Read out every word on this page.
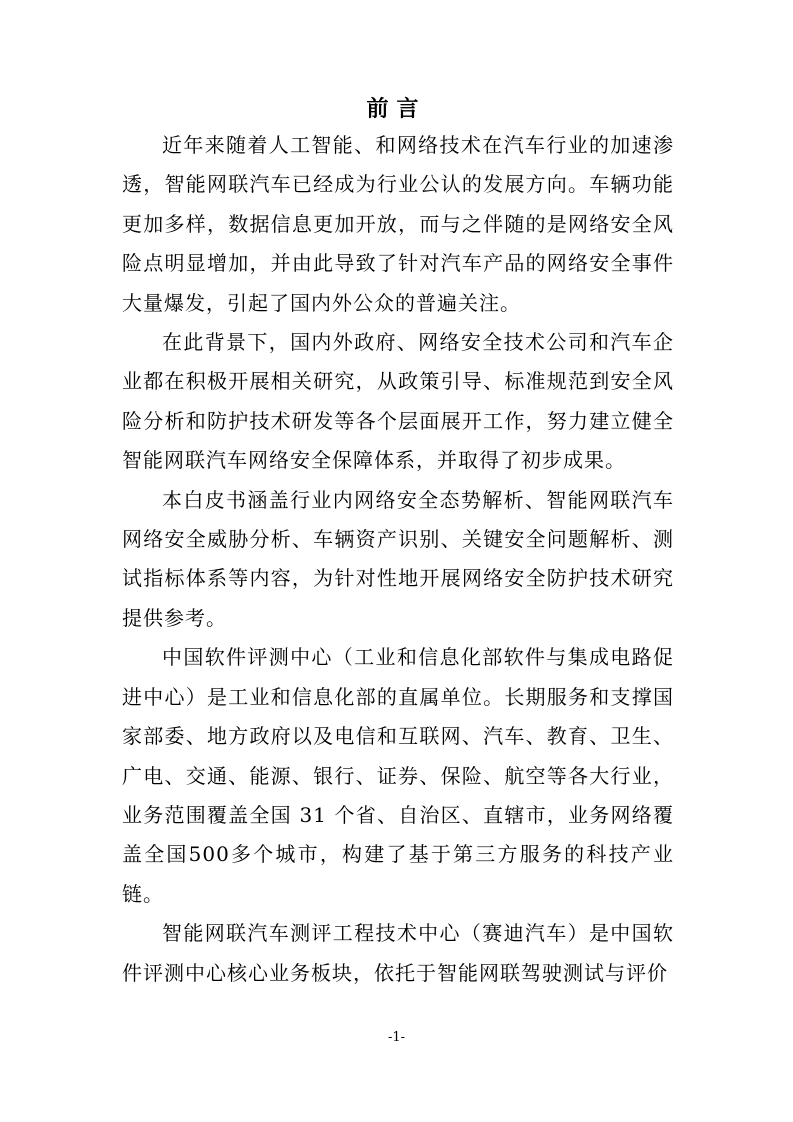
前言

近年来随着人工智能、和网络技术在汽车行业的加速渗透，智能网联汽车已经成为行业公认的发展方向。车辆功能更加多样，数据信息更加开放，而与之伴随的是网络安全风险点明显增加，并由此导致了针对汽车产品的网络安全事件大量爆发，引起了国内外公众的普遍关注。

在此背景下，国内外政府、网络安全技术公司和汽车企业都在积极开展相关研究，从政策引导、标准规范到安全风险分析和防护技术研发等各个层面展开工作，努力建立健全智能网联汽车网络安全保障体系，并取得了初步成果。

本白皮书涵盖行业内网络安全态势解析、智能网联汽车网络安全威胁分析、车辆资产识别、关键安全问题解析、测试指标体系等内容，为针对性地开展网络安全防护技术研究提供参考。

中国软件评测中心（工业和信息化部软件与集成电路促进中心）是工业和信息化部的直属单位。长期服务和支撑国家部委、地方政府以及电信和互联网、汽车、教育、卫生、广电、交通、能源、银行、证券、保险、航空等各大行业，业务范围覆盖全国 31 个省、自治区、直辖市，业务网络覆盖全国500多个城市，构建了基于第三方服务的科技产业链。

智能网联汽车测评工程技术中心（赛迪汽车）是中国软件评测中心核心业务板块，依托于智能网联驾驶测试与评价

-1-
